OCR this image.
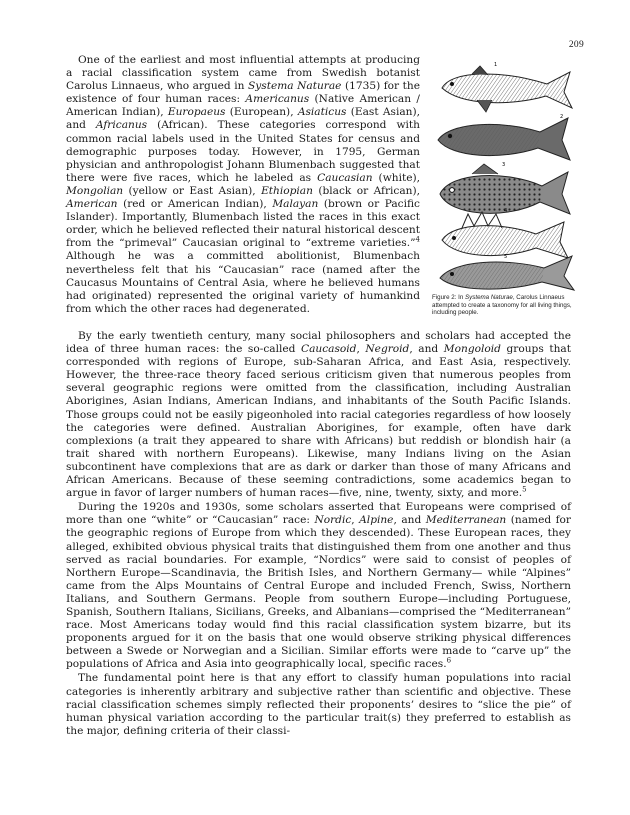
209

One of the earliest and most influential attempts at producing a racial classification system came from Swedish botanist Carolus Linnaeus, who argued in Systema Naturae (1735) for the existence of four human races: Americanus (Native American / American Indian), Europaeus (European), Asiaticus (East Asian), and Africanus (African). These categories correspond with common racial labels used in the United States for census and demographic purposes today. However, in 1795, German physician and anthropologist Johann Blumenbach suggested that there were five races, which he labeled as Caucasian (white), Mongolian (yellow or East Asian), Ethiopian (black or African), American (red or American Indian), Malayan (brown or Pacific Islander). Importantly, Blumenbach listed the races in this exact order, which he believed reflected their natural historical descent from the “primeval” Caucasian original to “extreme varieties.”$^4$ Although he was a committed abolitionist, Blumenbach nevertheless felt that his “Caucasian” race (named after the Caucasus Mountains of Central Asia, where he believed humans had originated) represented the original variety of humankind from which the other races had degenerated.

1
2
3
4
5
Figure 2: In Systema Naturae, Carolus Linnaeus attempted to create a taxonomy for all living things, including people.

By the early twentieth century, many social philosophers and scholars had accepted the idea of three human races: the so-called Caucasoid, Negroid, and Mongoloid groups that corresponded with regions of Europe, sub-Saharan Africa, and East Asia, respectively. However, the three-race theory faced serious criticism given that numerous peoples from several geographic regions were omitted from the classification, including Australian Aborigines, Asian Indians, American Indians, and inhabitants of the South Pacific Islands. Those groups could not be easily pigeonholed into racial categories regardless of how loosely the categories were defined. Australian Aborigines, for example, often have dark complexions (a trait they appeared to share with Africans) but reddish or blondish hair (a trait shared with northern Europeans). Likewise, many Indians living on the Asian subcontinent have complexions that are as dark or darker than those of many Africans and African Americans. Because of these seeming contradictions, some academics began to argue in favor of larger numbers of human races—five, nine, twenty, sixty, and more.$^5$

During the 1920s and 1930s, some scholars asserted that Europeans were comprised of more than one “white” or “Caucasian” race: Nordic, Alpine, and Mediterranean (named for the geographic regions of Europe from which they descended). These European races, they alleged, exhibited obvious physical traits that distinguished them from one another and thus served as racial boundaries. For example, “Nordics” were said to consist of peoples of Northern Europe—Scandinavia, the British Isles, and Northern Germany— while “Alpines” came from the Alps Mountains of Central Europe and included French, Swiss, Northern Italians, and Southern Germans. People from southern Europe—including Portuguese, Spanish, Southern Italians, Sicilians, Greeks, and Albanians—comprised the “Mediterranean” race. Most Americans today would find this racial classification system bizarre, but its proponents argued for it on the basis that one would observe striking physical differences between a Swede or Norwegian and a Sicilian. Similar efforts were made to “carve up” the populations of Africa and Asia into geographically local, specific races.$^6$

The fundamental point here is that any effort to classify human populations into racial categories is inherently arbitrary and subjective rather than scientific and objective. These racial classification schemes simply reflected their proponents’ desires to “slice the pie” of human physical variation according to the particular trait(s) they preferred to establish as the major, defining criteria of their classi-
